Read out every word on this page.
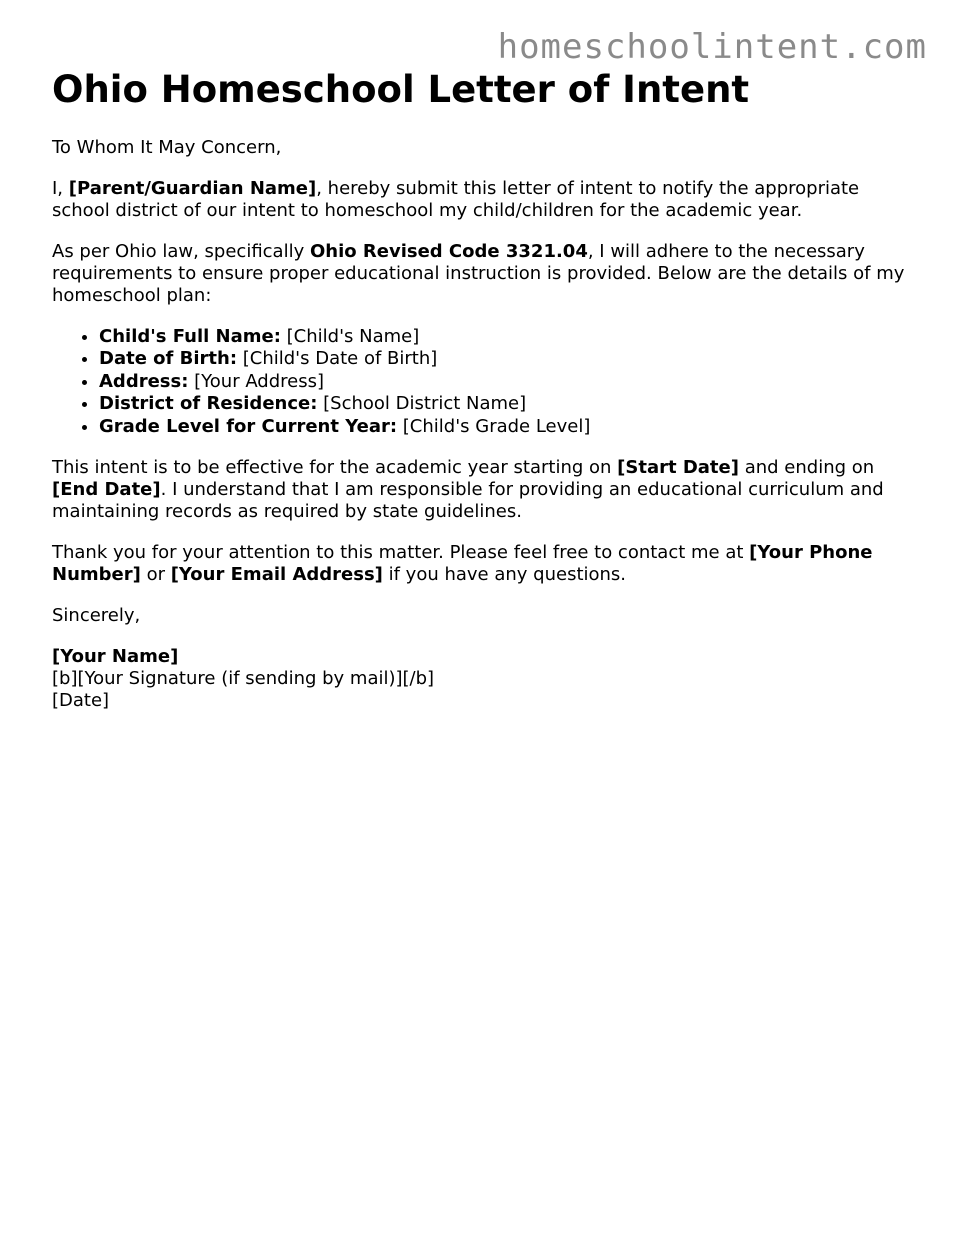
homeschoolintent.com
Ohio Homeschool Letter of Intent

To Whom It May Concern,

I, [Parent/Guardian Name], hereby submit this letter of intent to notify the appropriate school district of our intent to homeschool my child/children for the academic year.

As per Ohio law, specifically Ohio Revised Code 3321.04, I will adhere to the necessary requirements to ensure proper educational instruction is provided. Below are the details of my homeschool plan:

• Child's Full Name: [Child's Name]
• Date of Birth: [Child's Date of Birth]
• Address: [Your Address]
• District of Residence: [School District Name]
• Grade Level for Current Year: [Child's Grade Level]

This intent is to be effective for the academic year starting on [Start Date] and ending on [End Date]. I understand that I am responsible for providing an educational curriculum and maintaining records as required by state guidelines.

Thank you for your attention to this matter. Please feel free to contact me at [Your Phone Number] or [Your Email Address] if you have any questions.

Sincerely,

[Your Name]

[b][Your Signature (if sending by mail)][/b]

[Date]
